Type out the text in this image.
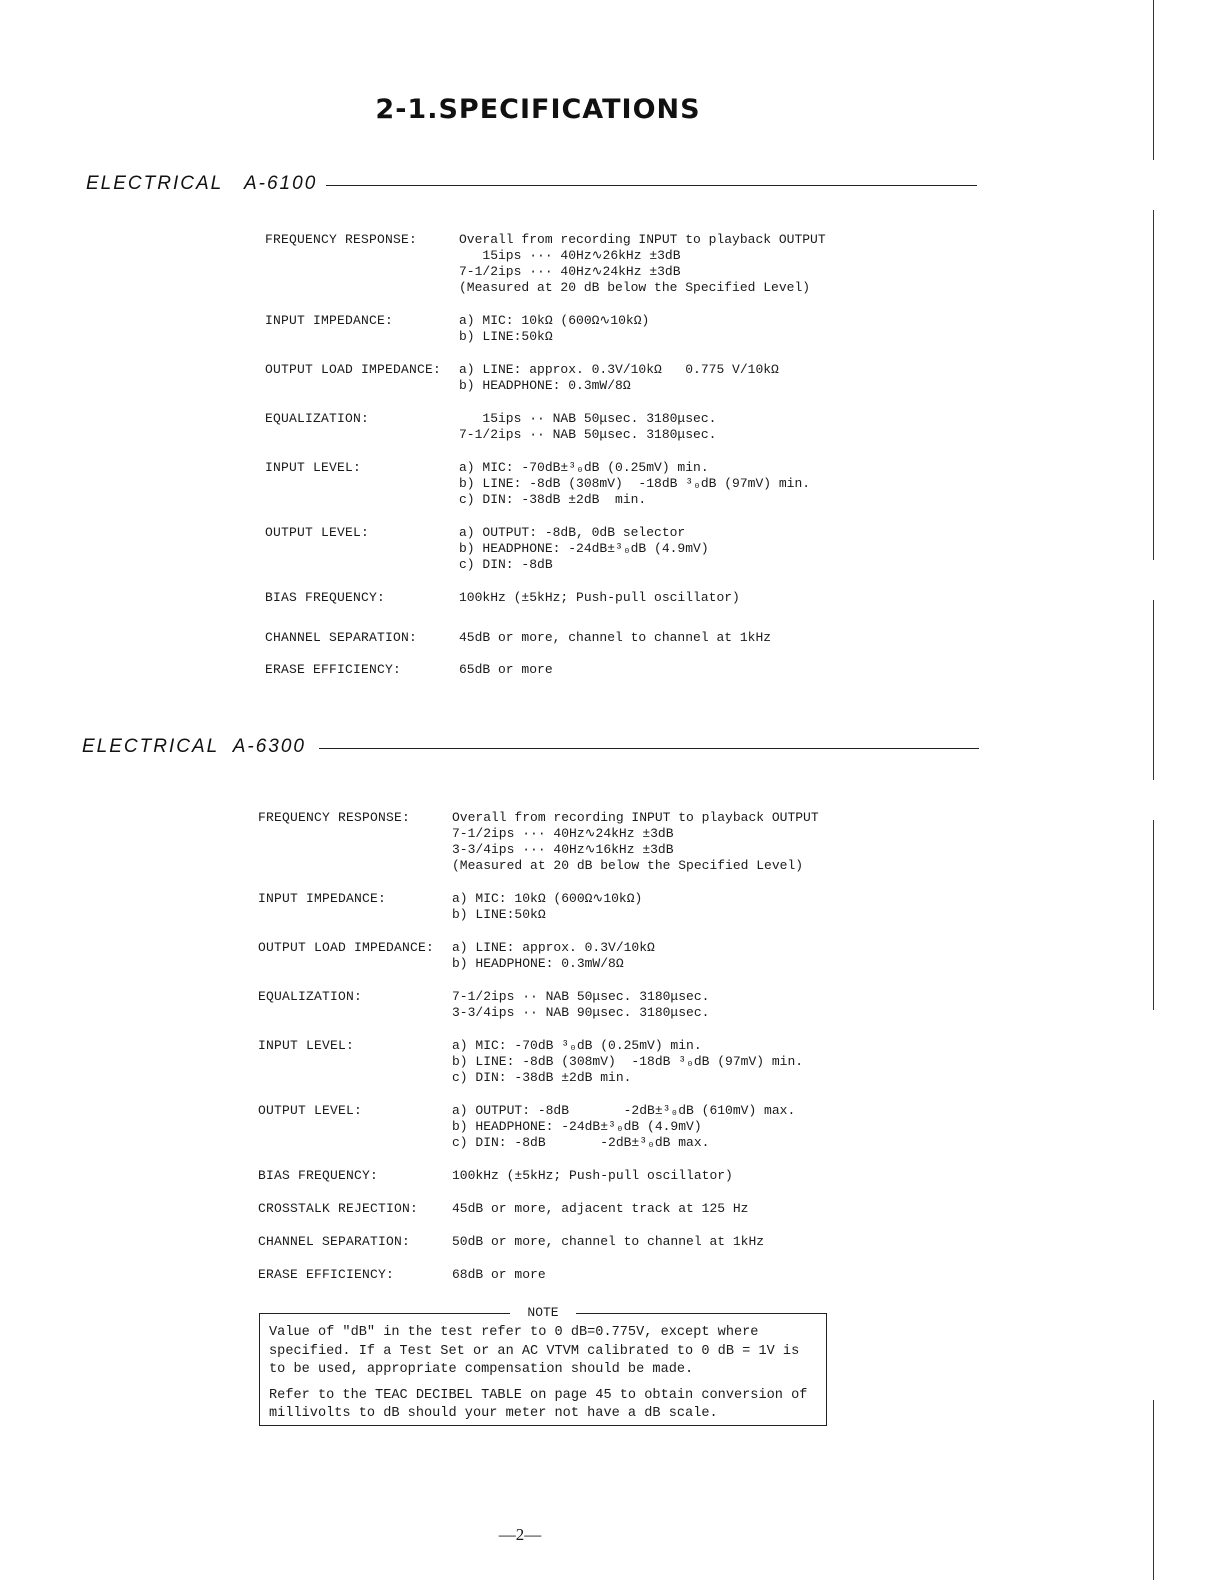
2-1.SPECIFICATIONS
ELECTRICAL   A-6100
FREQUENCY RESPONSE:	Overall from recording INPUT to playback OUTPUT
15ips ··· 40Hz∿26kHz ±3dB
7-1/2ips ··· 40Hz∿24kHz ±3dB
(Measured at 20 dB below the Specified Level)
INPUT IMPEDANCE:	a) MIC: 10kΩ (600Ω∿10kΩ)
b) LINE:50kΩ
OUTPUT LOAD IMPEDANCE:	a) LINE: approx. 0.3V/10kΩ   0.775 V/10kΩ
b) HEADPHONE: 0.3mW/8Ω
EQUALIZATION:	15ips ·· NAB 50μsec. 3180μsec.
7-1/2ips ·· NAB 50μsec. 3180μsec.
INPUT LEVEL:	a) MIC: -70dB±³₀dB (0.25mV) min.
b) LINE: -8dB (308mV)  -18dB ³₀dB (97mV) min.
c) DIN: -38dB ±2dB  min.
OUTPUT LEVEL:	a) OUTPUT: -8dB, 0dB selector
b) HEADPHONE: -24dB±³₀dB (4.9mV)
c) DIN: -8dB
BIAS FREQUENCY:	100kHz (±5kHz; Push-pull oscillator)
CHANNEL SEPARATION:	45dB or more, channel to channel at 1kHz
ERASE EFFICIENCY:	65dB or more
ELECTRICAL  A-6300
FREQUENCY RESPONSE:	Overall from recording INPUT to playback OUTPUT
7-1/2ips ··· 40Hz∿24kHz ±3dB
3-3/4ips ··· 40Hz∿16kHz ±3dB
(Measured at 20 dB below the Specified Level)
INPUT IMPEDANCE:	a) MIC: 10kΩ (600Ω∿10kΩ)
b) LINE:50kΩ
OUTPUT LOAD IMPEDANCE:	a) LINE: approx. 0.3V/10kΩ
b) HEADPHONE: 0.3mW/8Ω
EQUALIZATION:	7-1/2ips ·· NAB 50μsec. 3180μsec.
3-3/4ips ·· NAB 90μsec. 3180μsec.
INPUT LEVEL:	a) MIC: -70dB ³₀dB (0.25mV) min.
b) LINE: -8dB (308mV)  -18dB ³₀dB (97mV) min.
c) DIN: -38dB ±2dB min.
OUTPUT LEVEL:	a) OUTPUT: -8dB       -2dB±³₀dB (610mV) max.
b) HEADPHONE: -24dB±³₀dB (4.9mV)
c) DIN: -8dB       -2dB±³₀dB max.
BIAS FREQUENCY:	100kHz (±5kHz; Push-pull oscillator)
CROSSTALK REJECTION:	45dB or more, adjacent track at 125 Hz
CHANNEL SEPARATION:	50dB or more, channel to channel at 1kHz
ERASE EFFICIENCY:	68dB or more
NOTE

Value of "dB" in the test refer to 0 dB=0.775V, except where specified. If a Test Set or an AC VTVM calibrated to 0 dB = 1V is to be used, appropriate compensation should be made.

Refer to the TEAC DECIBEL TABLE on page 45 to obtain conversion of millivolts to dB should your meter not have a dB scale.

—2—
